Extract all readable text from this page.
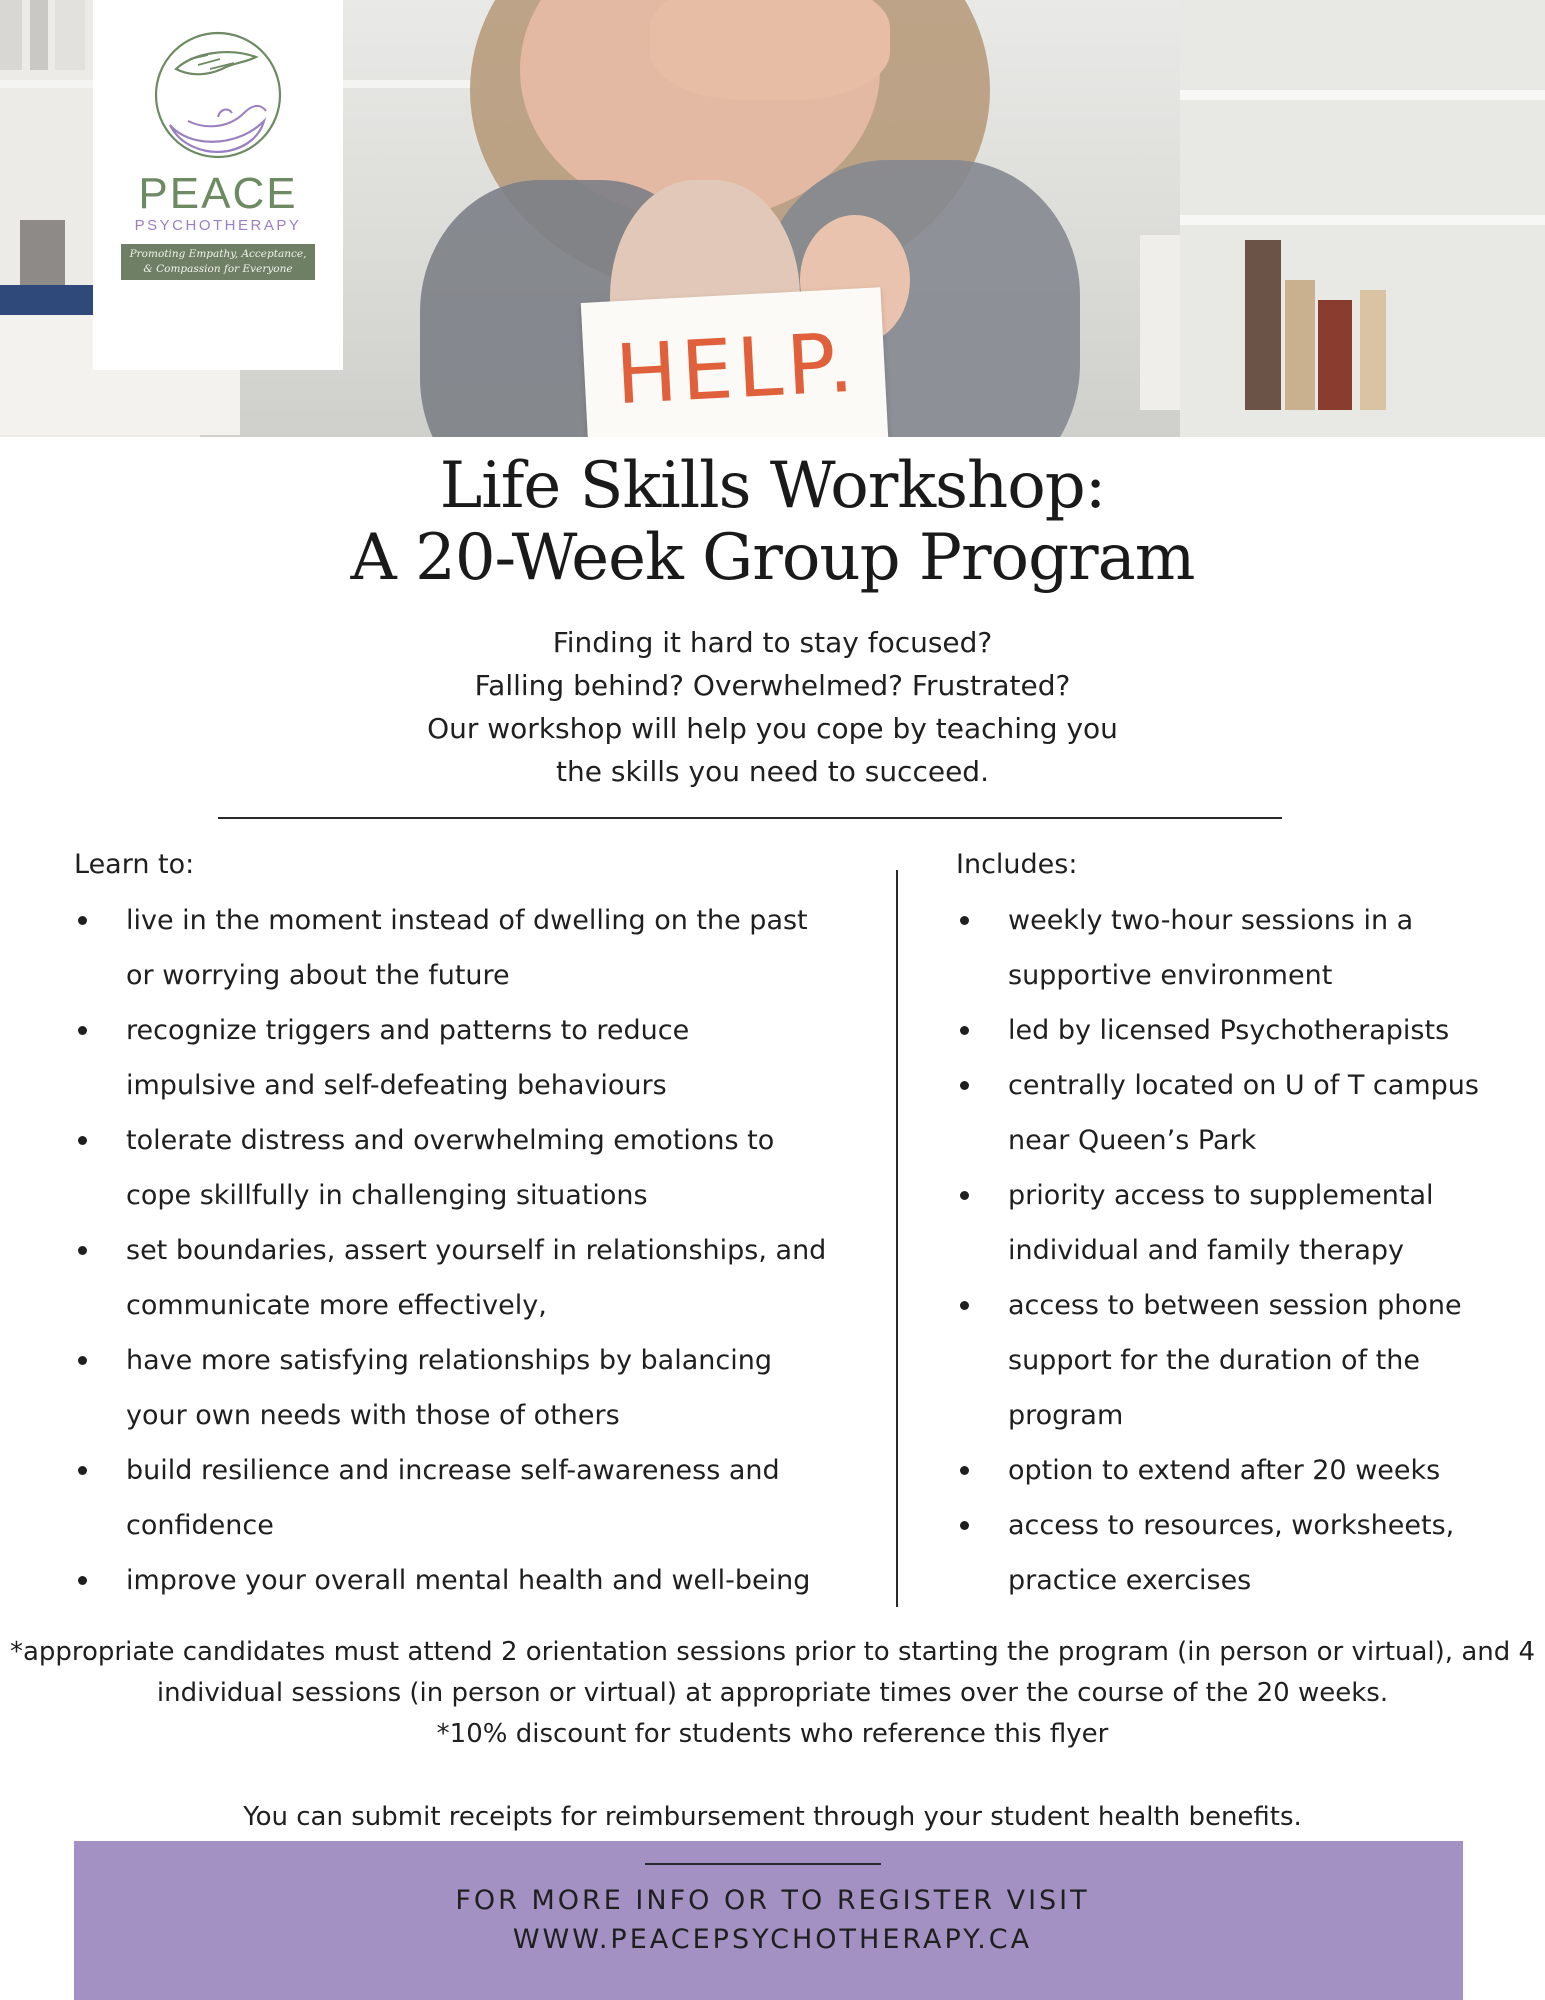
HELP.
PEACE
PSYCHOTHERAPY
Promoting Empathy, Acceptance,
& Compassion for Everyone
Life Skills Workshop:
A 20-Week Group Program
Finding it hard to stay focused?
Falling behind? Overwhelmed? Frustrated?
Our workshop will help you cope by teaching you
the skills you need to succeed.
Learn to:
live in the moment instead of dwelling on the past
or worrying about the future
recognize triggers and patterns to reduce
impulsive and self-defeating behaviours
tolerate distress and overwhelming emotions to
cope skillfully in challenging situations
set boundaries, assert yourself in relationships, and
communicate more effectively,
have more satisfying relationships by balancing
your own needs with those of others
build resilience and increase self-awareness and
confidence
improve your overall mental health and well-being
Includes:
weekly two-hour sessions in a
supportive environment
led by licensed Psychotherapists
centrally located on U of T campus
near Queen’s Park
priority access to supplemental
individual and family therapy
access to between session phone
support for the duration of the
program
option to extend after 20 weeks
access to resources, worksheets,
practice exercises
*appropriate candidates must attend 2 orientation sessions prior to starting the program (in person or virtual), and 4
individual sessions (in person or virtual) at appropriate times over the course of the 20 weeks.
*10% discount for students who reference this flyer
You can submit receipts for reimbursement through your student health benefits.
FOR MORE INFO OR TO REGISTER VISIT
WWW.PEACEPSYCHOTHERAPY.CA
